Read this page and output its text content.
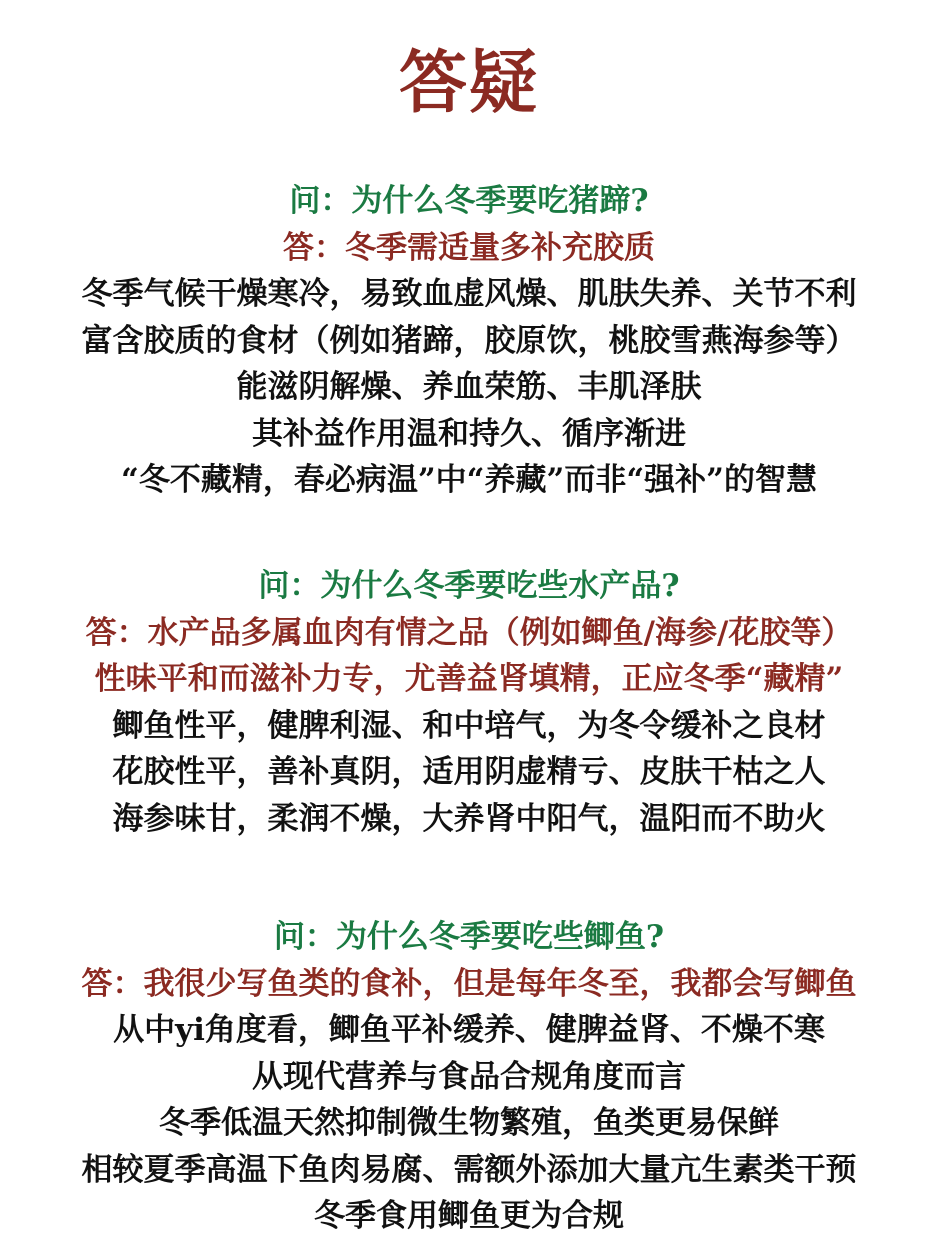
答疑
问：为什么冬季要吃猪蹄?
答：冬季需适量多补充胶质
冬季气候干燥寒冷，易致血虚风燥、肌肤失养、关节不利
富含胶质的食材（例如猪蹄，胶原饮，桃胶雪燕海参等）
能滋阴解燥、养血荣筋、丰肌泽肤
其补益作用温和持久、循序渐进
“冬不藏精，春必病温”中“养藏”而非“强补”的智慧
问：为什么冬季要吃些水产品?
答：水产品多属血肉有情之品（例如鲫鱼/海参/花胶等）
性味平和而滋补力专，尤善益肾填精，正应冬季“藏精”
鲫鱼性平，健脾利湿、和中培气，为冬令缓补之良材
花胶性平，善补真阴，适用阴虚精亏、皮肤干枯之人
海参味甘，柔润不燥，大养肾中阳气，温阳而不助火
问：为什么冬季要吃些鲫鱼?
答：我很少写鱼类的食补，但是每年冬至，我都会写鲫鱼
从中yi角度看，鲫鱼平补缓养、健脾益肾、不燥不寒
从现代营养与食品合规角度而言
冬季低温天然抑制微生物繁殖，鱼类更易保鲜
相较夏季高温下鱼肉易腐、需额外添加大量亢生素类干预
冬季食用鲫鱼更为合规
